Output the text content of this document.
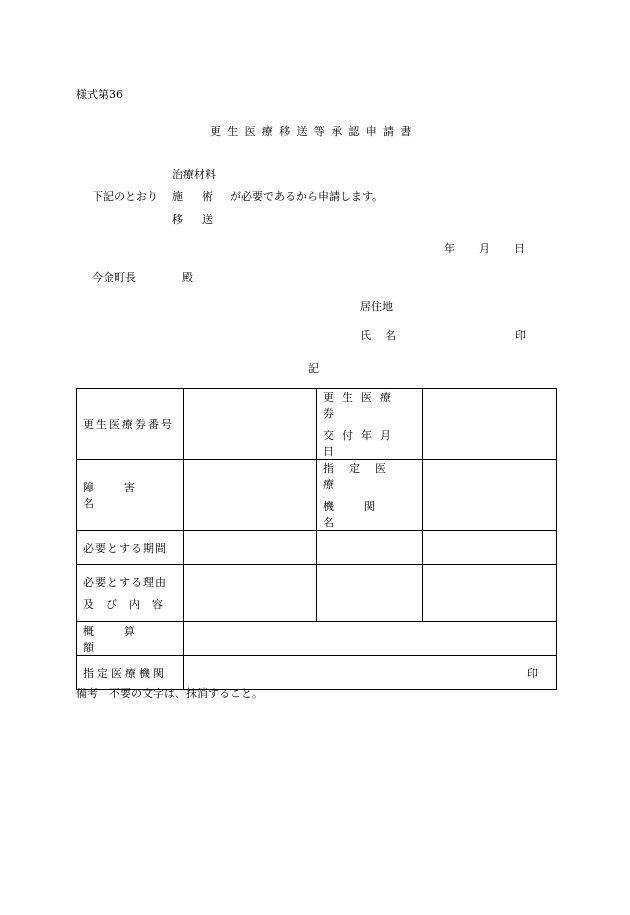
様式第36
更生医療移送等承認申請書
治療材料
下記のとおり 施 術 が必要であるから申請します。
移 送
年 月 日
今金町長	殿
居住地
氏 名	印
記
更生医療券番号		更生医療券
交付年月日	

障害名		指定医療
機関名	

必要とする期間			

必要とする理由
及び内容			

概算額			

指定医療機関	印		
備考　不要の文字は、抹消すること。
